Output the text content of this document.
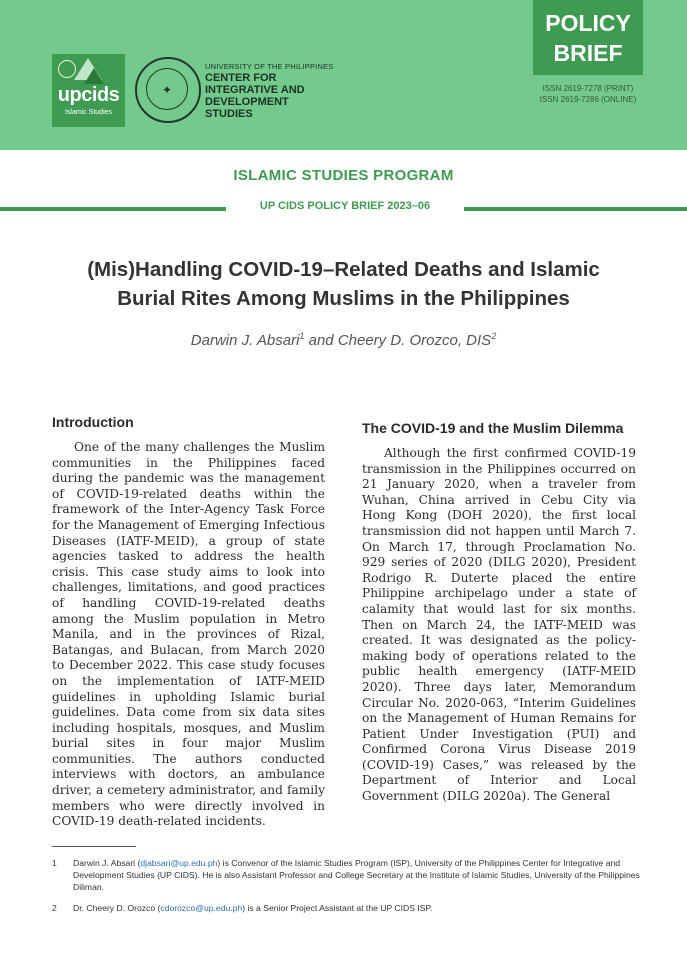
upcids
Islamic Studies
✦
UNIVERSITY OF THE PHILIPPINES
CENTER FOR
INTEGRATIVE AND
DEVELOPMENT
STUDIES
POLICY
BRIEF
ISSN 2619-7278 (PRINT)
ISSN 2619-7286 (ONLINE)
ISLAMIC STUDIES PROGRAM
UP CIDS POLICY BRIEF 2023–06
(Mis)Handling COVID-19–Related Deaths and Islamic
Burial Rites Among Muslims in the Philippines
Darwin J. Absari$^1$ and Cheery D. Orozco, DIS$^2$
Introduction

One of the many challenges the Muslim communities in the Philippines faced during the pandemic was the management of COVID-19-related deaths within the framework of the Inter-Agency Task Force for the Management of Emerging Infectious Diseases (IATF-MEID), a group of state agencies tasked to address the health crisis. This case study aims to look into challenges, limitations, and good practices of handling COVID-19-related deaths among the Muslim population in Metro Manila, and in the provinces of Rizal, Batangas, and Bulacan, from March 2020 to December 2022. This case study focuses on the implementation of IATF-MEID guidelines in upholding Islamic burial guidelines. Data come from six data sites including hospitals, mosques, and Muslim burial sites in four major Muslim communities. The authors conducted interviews with doctors, an ambulance driver, a cemetery administrator, and family members who were directly involved in COVID-19 death-related incidents.

The COVID-19 and the Muslim Dilemma

Although the first confirmed COVID-19 transmission in the Philippines occurred on 21 January 2020, when a traveler from Wuhan, China arrived in Cebu City via Hong Kong (DOH 2020), the first local transmission did not happen until March 7. On March 17, through Proclamation No. 929 series of 2020 (DILG 2020), President Rodrigo R. Duterte placed the entire Philippine archipelago under a state of calamity that would last for six months. Then on March 24, the IATF-MEID was created. It was designated as the policy-making body of operations related to the public health emergency (IATF-MEID 2020). Three days later, Memorandum Circular No. 2020-063, “Interim Guidelines on the Management of Human Remains for Patient Under Investigation (PUI) and Confirmed Corona Virus Disease 2019 (COVID-19) Cases,” was released by the Department of Interior and Local Government (DILG 2020a). The General

1 Darwin J. Absari (djabsari@up.edu.ph) is Convenor of the Islamic Studies Program (ISP), University of the Philippines Center for Integrative and Development Studies (UP CIDS). He is also Assistant Professor and College Secretary at the Institute of Islamic Studies, University of the Philippines Diliman.
2 Dr. Cheery D. Orozco (cdorozco@up.edu.ph) is a Senior Project Assistant at the UP CIDS ISP.
